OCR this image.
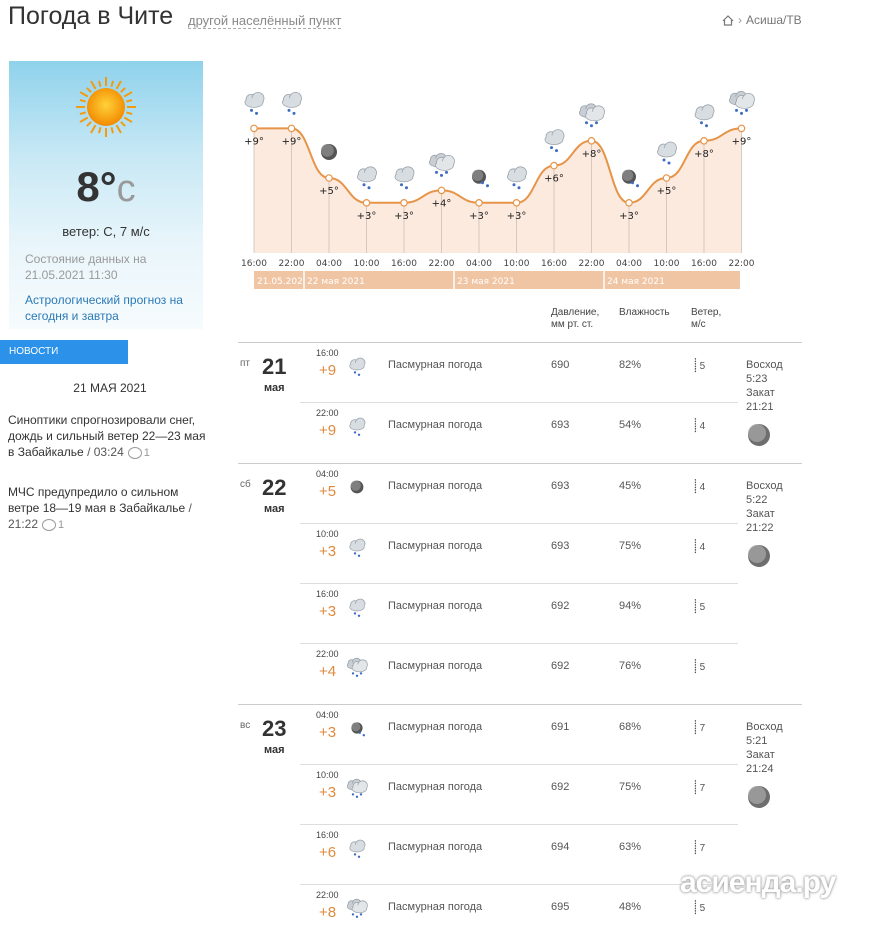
Погода в Чите другой населённый пункт	› Асиша/ТВ
8°c
ветер: С, 7 м/с
Состояние данных на
21.05.2021 11:30
Астрологический прогноз на сегодня и завтра
НОВОСТИ
21 МАЯ 2021
Синоптики спрогнозировали снег, дождь и сильный ветер 22—23 мая в Забайкалье / 03:24 1
МЧС предупредило о сильном ветре 18—19 мая в Забайкалье / 21:22 1
+9°
16:00
+9°
22:00
+5°
04:00
+3°
10:00
+3°
16:00
+4°
22:00
+3°
04:00
+3°
10:00
+6°
16:00
+8°
22:00
+3°
04:00
+5°
10:00
+8°
16:00
+9°
22:00
21.05.202 22 мая 2021	23 мая 2021	24 мая 2021
Давление, мм рт. ст.
Влажность	Ветер, м/с
пт 21
мая
Восход
5:23
Закат
21:21
16:00
+9	Пасмурная погода	690	82%	⸽ 5
22:00
+9	Пасмурная погода	693	54%	⸽ 4
сб 22
мая
Восход
5:22
Закат
21:22
04:00
+5	Пасмурная погода	693	45%	⸽ 4
10:00
+3	Пасмурная погода	693	75%	⸽ 4
16:00
+3	Пасмурная погода	692	94%	⸽ 5
22:00
+4	Пасмурная погода	692	76%	⸽ 5
вс 23
мая
Восход
5:21
Закат
21:24
04:00
+3	Пасмурная погода	691	68%	⸽ 7
10:00
+3	Пасмурная погода	692	75%	⸽ 7
16:00
+6	Пасмурная погода	694	63%	⸽ 7
22:00
+8	Пасмурная погода	695	48%	⸽ 5
асиенда.ру
